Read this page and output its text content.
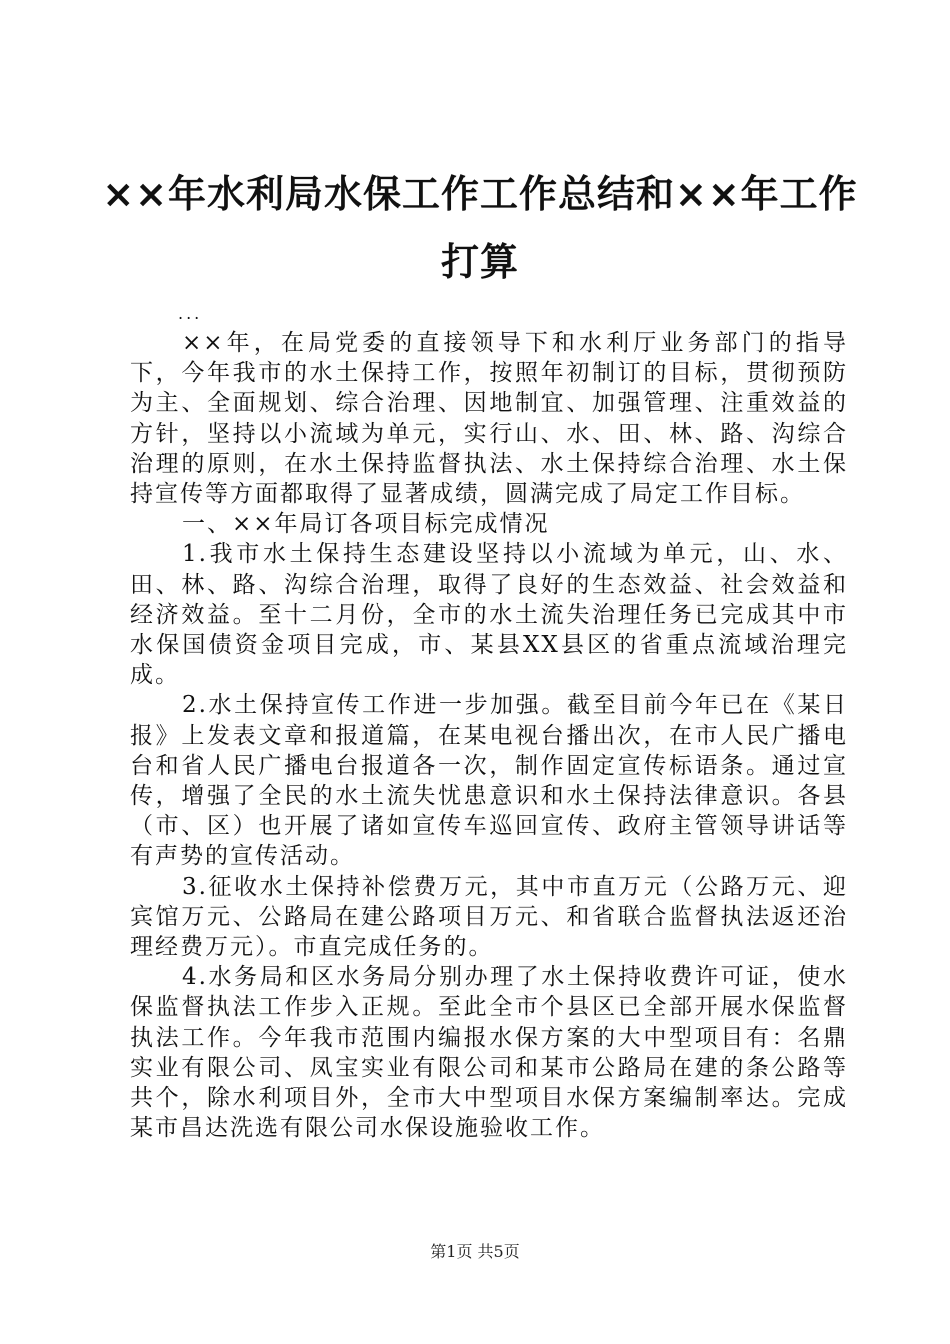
××年水利局水保工作工作总结和××年工作
打算
...

××年，在局党委的直接领导下和水利厅业务部门的指导下，今年我市的水土保持工作，按照年初制订的目标，贯彻预防为主、全面规划、综合治理、因地制宜、加强管理、注重效益的方针，坚持以小流域为单元，实行山、水、田、林、路、沟综合治理的原则，在水土保持监督执法、水土保持综合治理、水土保持宣传等方面都取得了显著成绩，圆满完成了局定工作目标。

一、××年局订各项目标完成情况

1.我市水土保持生态建设坚持以小流域为单元，山、水、田、林、路、沟综合治理，取得了良好的生态效益、社会效益和经济效益。至十二月份，全市的水土流失治理任务已完成其中市水保国债资金项目完成，市、某县XX县区的省重点流域治理完成。

2.水土保持宣传工作进一步加强。截至目前今年已在《某日报》上发表文章和报道篇，在某电视台播出次，在市人民广播电台和省人民广播电台报道各一次，制作固定宣传标语条。通过宣传，增强了全民的水土流失忧患意识和水土保持法律意识。各县（市、区）也开展了诸如宣传车巡回宣传、政府主管领导讲话等有声势的宣传活动。

3.征收水土保持补偿费万元，其中市直万元（公路万元、迎宾馆万元、公路局在建公路项目万元、和省联合监督执法返还治理经费万元）。市直完成任务的。

4.水务局和区水务局分别办理了水土保持收费许可证，使水保监督执法工作步入正规。至此全市个县区已全部开展水保监督执法工作。今年我市范围内编报水保方案的大中型项目有：名鼎实业有限公司、凤宝实业有限公司和某市公路局在建的条公路等共个，除水利项目外，全市大中型项目水保方案编制率达。完成某市昌达洗选有限公司水保设施验收工作。

第1页 共5页
